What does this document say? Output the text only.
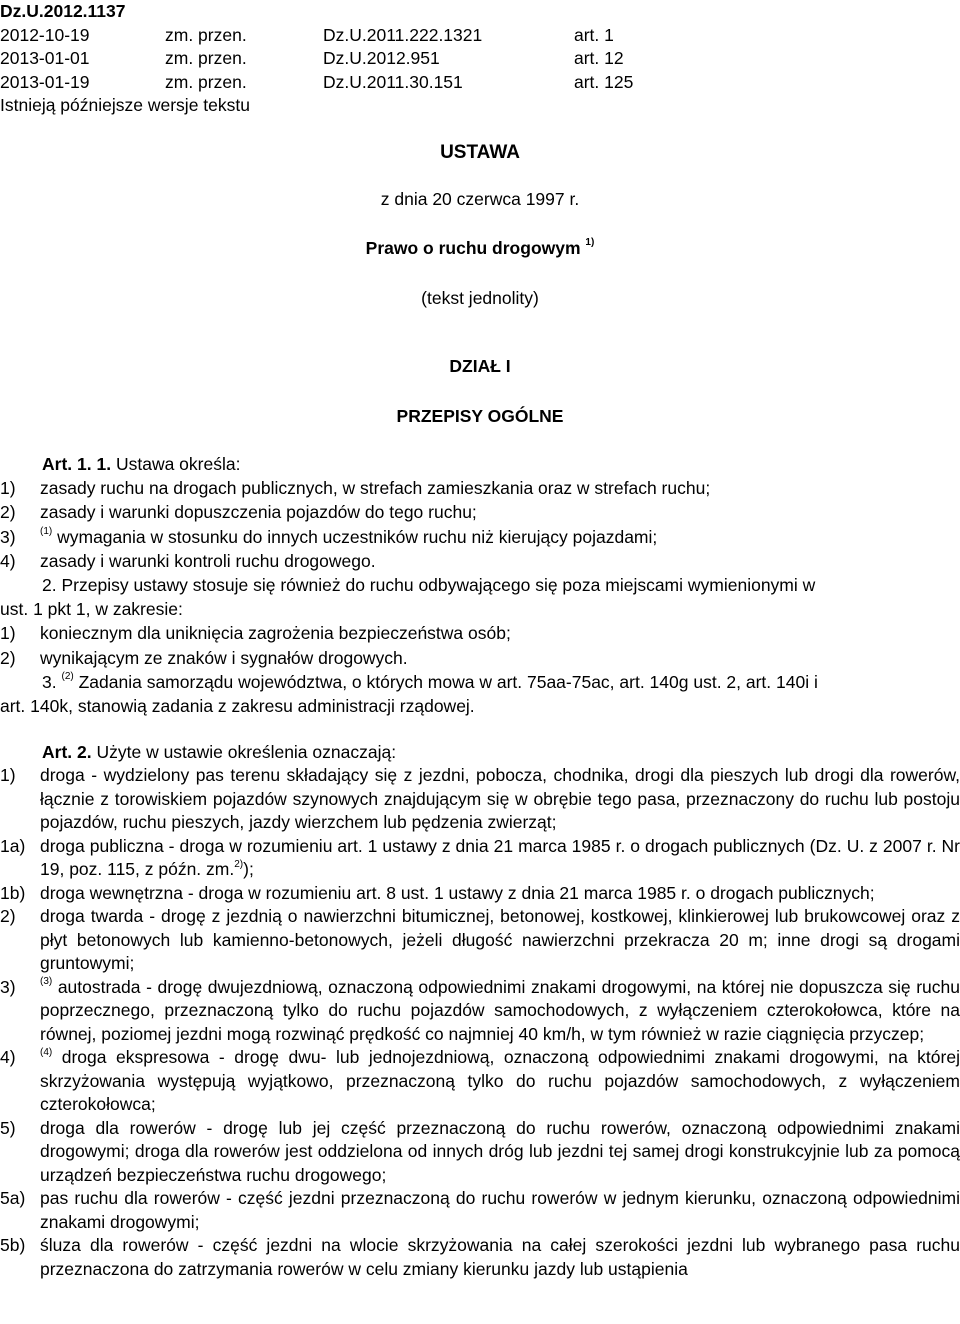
Dz.U.2012.1137
2012-10-19	zm. przen.	Dz.U.2011.222.1321	art. 1
2013-01-01	zm. przen.	Dz.U.2012.951	art. 12
2013-01-19	zm. przen.	Dz.U.2011.30.151	art. 125
Istnieją późniejsze wersje tekstu
USTAWA
z dnia 20 czerwca 1997 r.
Prawo o ruchu drogowym $^{1)}$
(tekst jednolity)
DZIAŁ I
PRZEPISY OGÓLNE
Art. 1. 1. Ustawa określa:
1) zasady ruchu na drogach publicznych, w strefach zamieszkania oraz w strefach ruchu;
2) zasady i warunki dopuszczenia pojazdów do tego ruchu;
3) $^{(1)}$ wymagania w stosunku do innych uczestników ruchu niż kierujący pojazdami;
4) zasady i warunki kontroli ruchu drogowego.
2. Przepisy ustawy stosuje się również do ruchu odbywającego się poza miejscami wymienionymi w
ust. 1 pkt 1, w zakresie:
1) koniecznym dla uniknięcia zagrożenia bezpieczeństwa osób;
2) wynikającym ze znaków i sygnałów drogowych.
3. $^{(2)}$ Zadania samorządu województwa, o których mowa w art. 75aa-75ac, art. 140g ust. 2, art. 140i i
art. 140k, stanowią zadania z zakresu administracji rządowej.
Art. 2. Użyte w ustawie określenia oznaczają:
1) droga - wydzielony pas terenu składający się z jezdni, pobocza, chodnika, drogi dla pieszych lub drogi dla rowerów, łącznie z torowiskiem pojazdów szynowych znajdującym się w obrębie tego pasa, przeznaczony do ruchu lub postoju pojazdów, ruchu pieszych, jazdy wierzchem lub pędzenia zwierząt;
1a) droga publiczna - droga w rozumieniu art. 1 ustawy z dnia 21 marca 1985 r. o drogach publicznych (Dz. U. z 2007 r. Nr 19, poz. 115, z późn. zm.$^{2)}$);
1b) droga wewnętrzna - droga w rozumieniu art. 8 ust. 1 ustawy z dnia 21 marca 1985 r. o drogach publicznych;
2) droga twarda - drogę z jezdnią o nawierzchni bitumicznej, betonowej, kostkowej, klinkierowej lub brukowcowej oraz z płyt betonowych lub kamienno-betonowych, jeżeli długość nawierzchni przekracza 20 m; inne drogi są drogami gruntowymi;
3) $^{(3)}$ autostrada - drogę dwujezdniową, oznaczoną odpowiednimi znakami drogowymi, na której nie dopuszcza się ruchu poprzecznego, przeznaczoną tylko do ruchu pojazdów samochodowych, z wyłączeniem czterokołowca, które na równej, poziomej jezdni mogą rozwinąć prędkość co najmniej 40 km/h, w tym również w razie ciągnięcia przyczep;
4) $^{(4)}$ droga ekspresowa - drogę dwu- lub jednojezdniową, oznaczoną odpowiednimi znakami drogowymi, na której skrzyżowania występują wyjątkowo, przeznaczoną tylko do ruchu pojazdów samochodowych, z wyłączeniem czterokołowca;
5) droga dla rowerów - drogę lub jej część przeznaczoną do ruchu rowerów, oznaczoną odpowiednimi znakami drogowymi; droga dla rowerów jest oddzielona od innych dróg lub jezdni tej samej drogi konstrukcyjnie lub za pomocą urządzeń bezpieczeństwa ruchu drogowego;
5a) pas ruchu dla rowerów - część jezdni przeznaczoną do ruchu rowerów w jednym kierunku, oznaczoną odpowiednimi znakami drogowymi;
5b) śluza dla rowerów - część jezdni na wlocie skrzyżowania na całej szerokości jezdni lub wybranego pasa ruchu przeznaczona do zatrzymania rowerów w celu zmiany kierunku jazdy lub ustąpienia
